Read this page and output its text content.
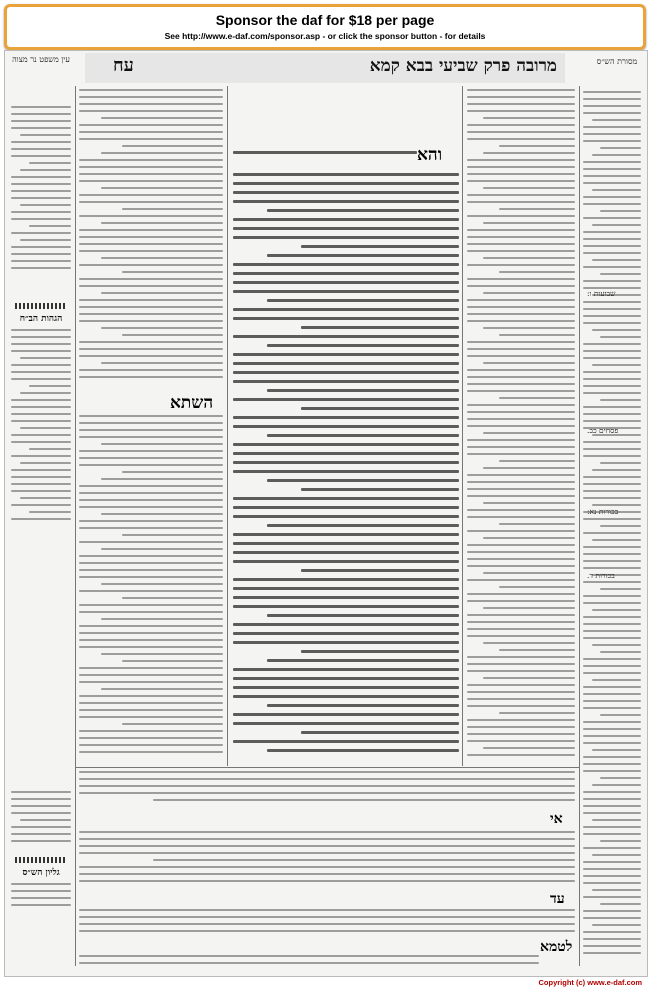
Sponsor the daf for $18 per page
See http://www.e-daf.com/sponsor.asp - or click the sponsor button - for details
מסורת הש״ס
עין משפט נר מצוה	מרובה פרק שביעי בבא קמא
עח
שבועות ו:
פסחים כב.
בכורות נא:
בכורות ד.
הגהות הב״ח
גליון הש״ס
השתא
והא
אי
עד
לטמא
Copyright (c) www.e-daf.com
